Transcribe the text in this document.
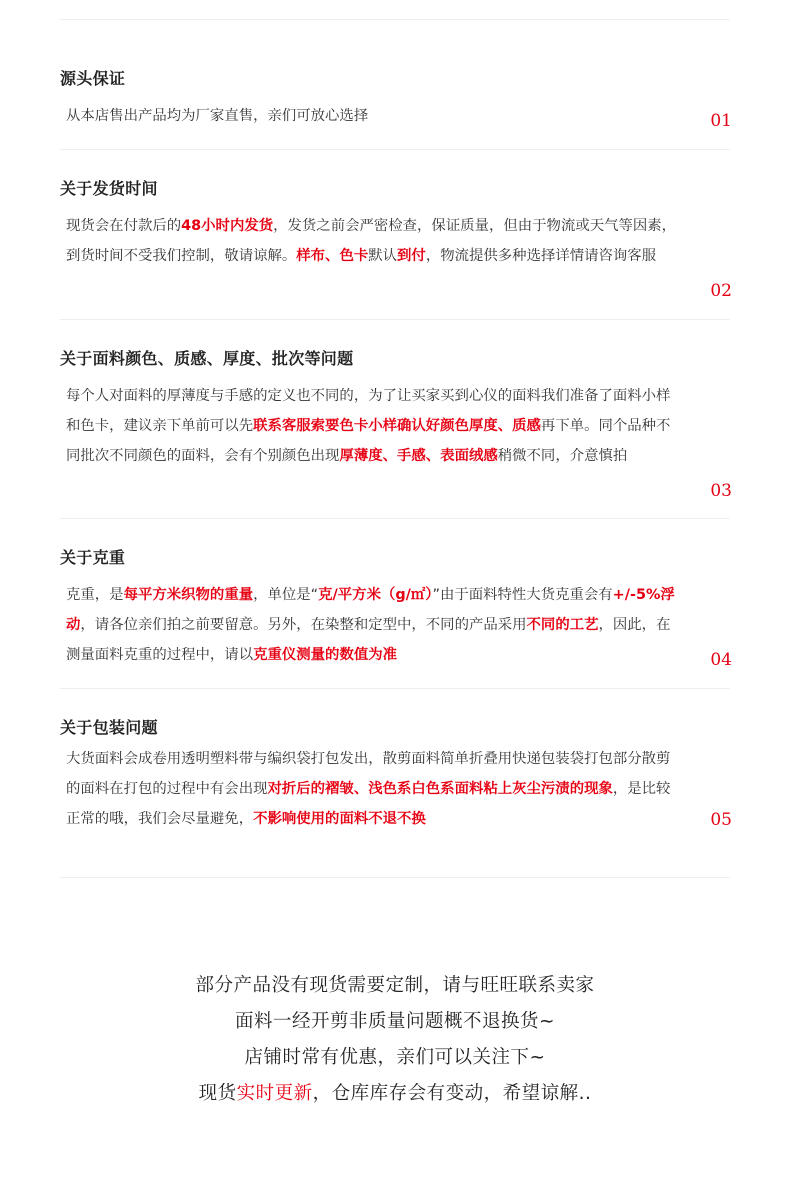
源头保证
从本店售出产品均为厂家直售，亲们可放心选择	01
关于发货时间
现货会在付款后的48小时内发货，发货之前会严密检查，保证质量，但由于物流或天气等因素，到货时间不受我们控制，敬请谅解。样布、色卡默认到付，物流提供多种选择详情请咨询客服
02
关于面料颜色、质感、厚度、批次等问题
每个人对面料的厚薄度与手感的定义也不同的，为了让买家买到心仪的面料我们准备了面料小样和色卡，建议亲下单前可以先联系客服索要色卡小样确认好颜色厚度、质感再下单。同个品种不同批次不同颜色的面料，会有个别颜色出现厚薄度、手感、表面绒感稍微不同，介意慎拍
03
关于克重
克重，是每平方米织物的重量，单位是“克/平方米（g/㎡）”由于面料特性大货克重会有+/-5%浮动，请各位亲们拍之前要留意。另外，在染整和定型中，不同的产品采用不同的工艺，因此，在测量面料克重的过程中，请以克重仪测量的数值为准	04
关于包装问题
大货面料会成卷用透明塑料带与编织袋打包发出，散剪面料简单折叠用快递包装袋打包部分散剪的面料在打包的过程中有会出现对折后的褶皱、浅色系白色系面料粘上灰尘污渍的现象，是比较正常的哦，我们会尽量避免，不影响使用的面料不退不换	05

部分产品没有现货需要定制，请与旺旺联系卖家

面料一经开剪非质量问题概不退换货~

店铺时常有优惠，亲们可以关注下~

现货实时更新，仓库库存会有变动，希望谅解..
